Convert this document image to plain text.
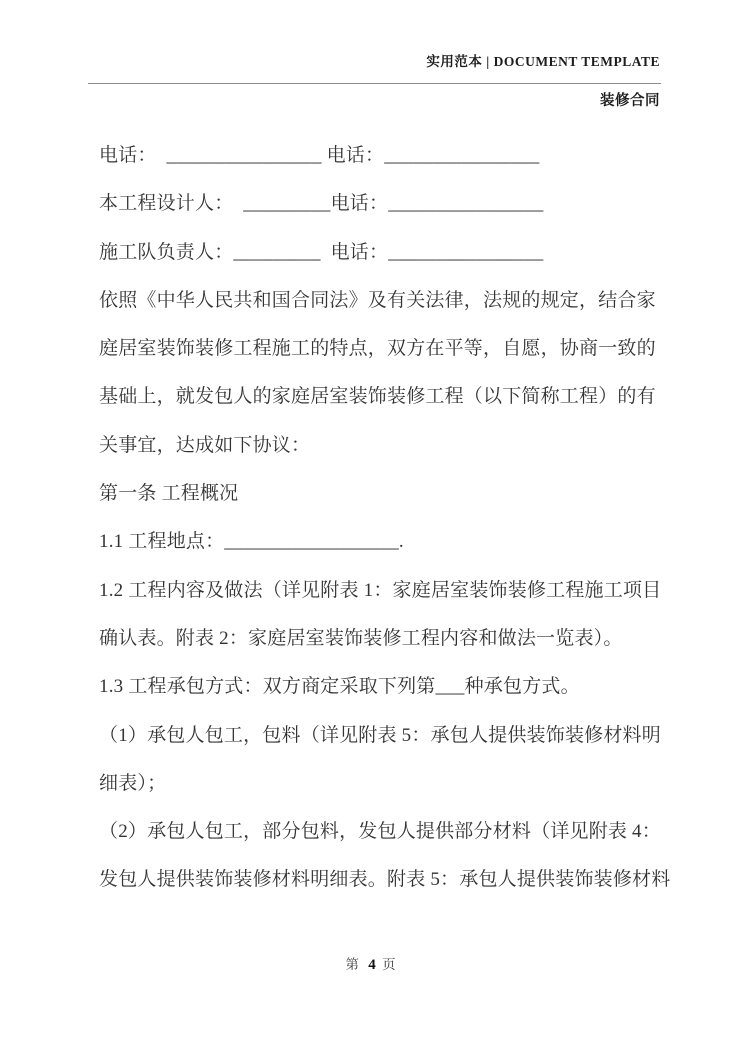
实用范本 | DOCUMENT TEMPLATE
装修合同
电话：  ________________ 电话：________________
本工程设计人：  _________电话：________________
施工队负责人：_________  电话：________________
依照《中华人民共和国合同法》及有关法律，法规的规定，结合家
庭居室装饰装修工程施工的特点，双方在平等，自愿，协商一致的
基础上，就发包人的家庭居室装饰装修工程（以下简称工程）的有
关事宜，达成如下协议：
第一条 工程概况
1.1 工程地点：__________________.
1.2 工程内容及做法（详见附表 1：家庭居室装饰装修工程施工项目
确认表。附表 2：家庭居室装饰装修工程内容和做法一览表）。
1.3 工程承包方式：双方商定采取下列第___种承包方式。
（1）承包人包工，包料（详见附表 5：承包人提供装饰装修材料明
细表）；
（2）承包人包工，部分包料，发包人提供部分材料（详见附表 4：
发包人提供装饰装修材料明细表。附表 5：承包人提供装饰装修材料
第 4 页
